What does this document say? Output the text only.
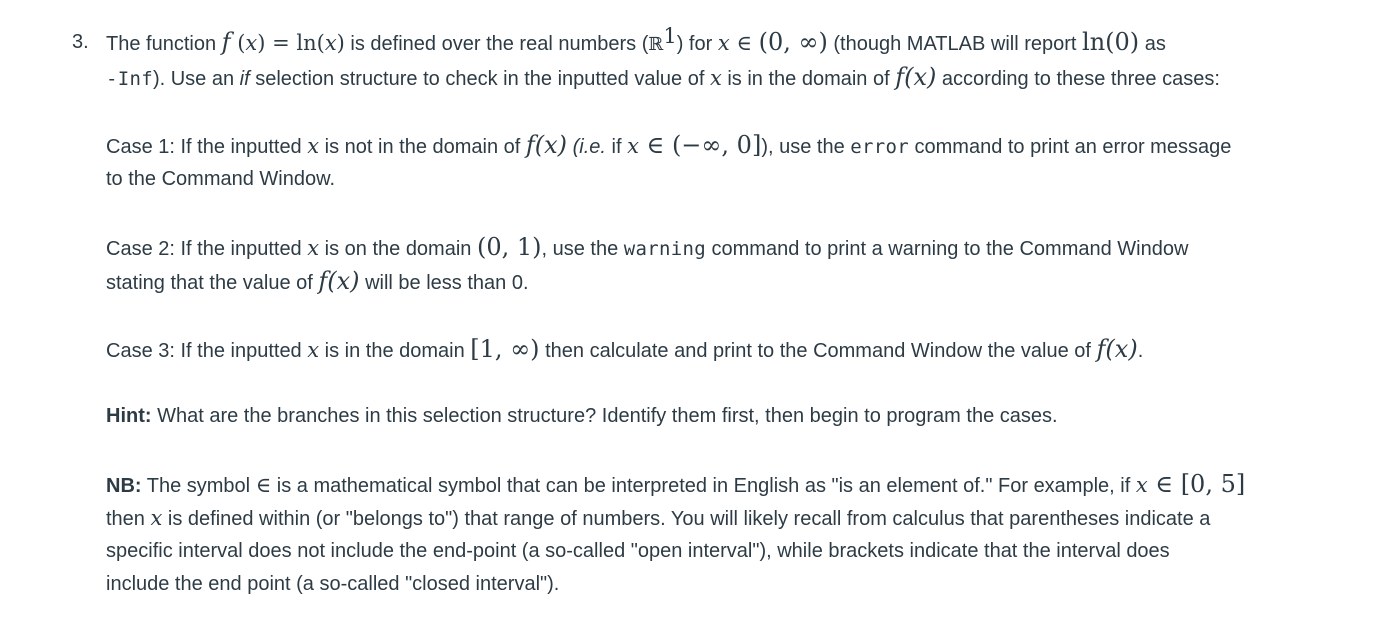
3. The function f (x) = ln(x) is defined over the real numbers (ℝ$^1$) for x ∈ (0, ∞) (though MATLAB will report ln(0) as
-Inf). Use an if selection structure to check in the inputted value of x is in the domain of f(x) according to these three cases:
Case 1: If the inputted x is not in the domain of f(x) (i.e. if x ∈ (−∞, 0]), use the error command to print an error message
to the Command Window.
Case 2: If the inputted x is on the domain (0, 1), use the warning command to print a warning to the Command Window
stating that the value of f(x) will be less than 0.
Case 3: If the inputted x is in the domain [1, ∞) then calculate and print to the Command Window the value of f(x).
Hint: What are the branches in this selection structure? Identify them first, then begin to program the cases.
NB: The symbol ∈ is a mathematical symbol that can be interpreted in English as "is an element of." For example, if x ∈ [0, 5]
then x is defined within (or "belongs to") that range of numbers. You will likely recall from calculus that parentheses indicate a
specific interval does not include the end-point (a so-called "open interval"), while brackets indicate that the interval does
include the end point (a so-called "closed interval").
